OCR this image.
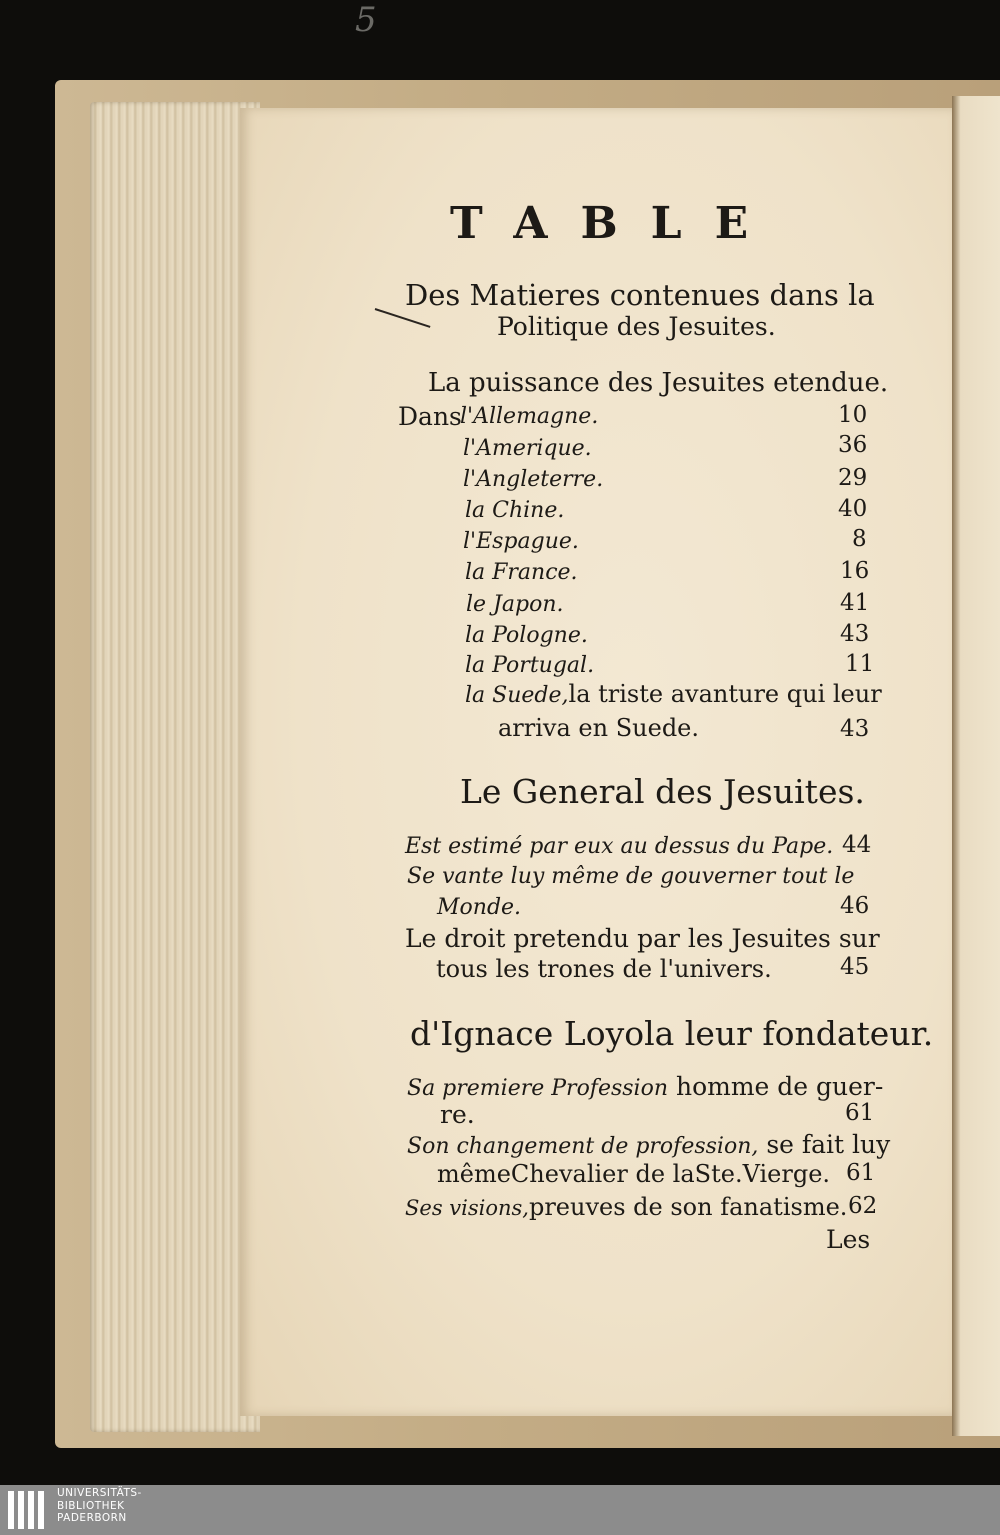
5
TABLE
Des Matieres contenues dans la
Politique des Jesuites.
La puissance des Jesuites etendue.
Dans
l'Allemagne.	10
l'Amerique.	36
l'Angleterre.	29
la Chine.	40
l'Espague.	8
la France.	16
le Japon.	41
la Pologne.	43
la Portugal.	11
la Suede,la triste avanture qui leur
arriva en Suede.	43
Le General des Jesuites.
Est estimé par eux au dessus du Pape. 44
Se vante luy même de gouverner tout le
Monde.	46
Le droit pretendu par les Jesuites sur
tous les trones de l'univers.	45
d'Ignace Loyola leur fondateur.
Sa premiere Profession homme de guer-
re.	61
Son changement de profession, se fait luy
mêmeChevalier de laSte.Vierge. 61
Ses visions,preuves de son fanatisme. 62
Les
UNIVERSITÄTS-
BIBLIOTHEK
PADERBORN
